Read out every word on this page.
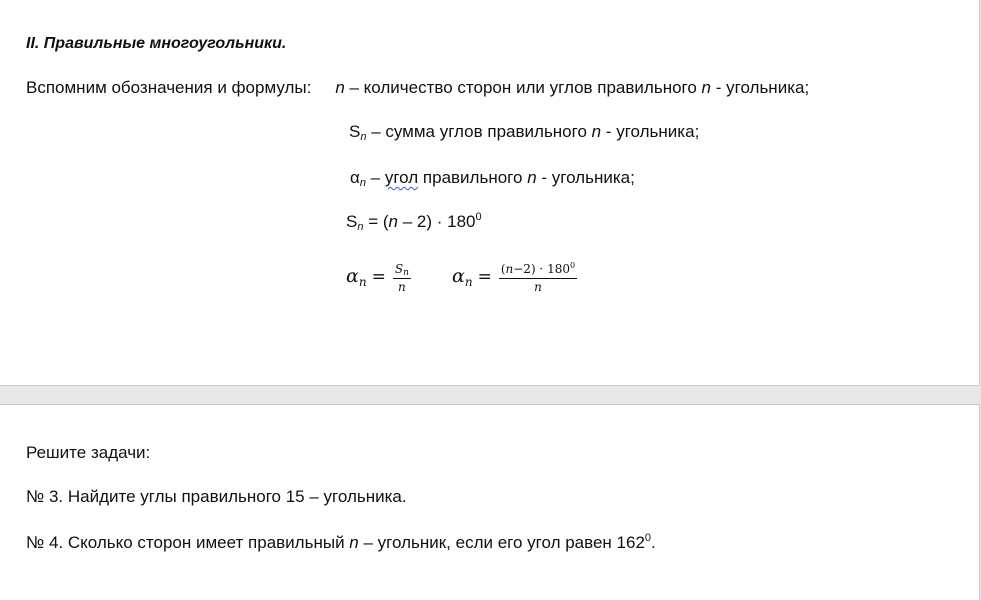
II. Правильные многоугольники.
Вспомним обозначения и формулы: n – количество сторон или углов правильного n - угольника;
Sn – сумма углов правильного n - угольника;
αn – угол правильного n - угольника;
$Sn = (n - 2) \cdot 180^0$
$\alpha_n = \frac{Sn}{n} \alpha_n = \frac{(n-2) \cdot 180^0}{n}$
Решите задачи:
№ 3. Найдите углы правильного 15 – угольника.
№ 4. Сколько сторон имеет правильный n – угольник, если его угол равен $162^0$.
